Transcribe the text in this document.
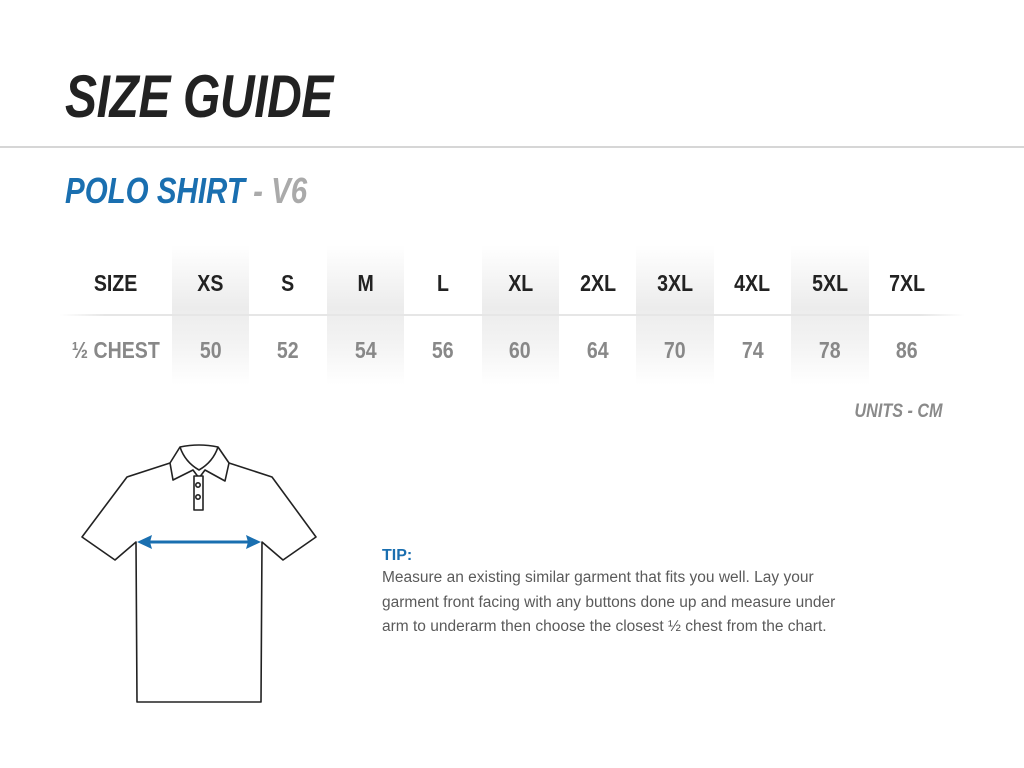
SIZE GUIDE
POLO SHIRT - V6
7XL
86
5XL
78
4XL
74
3XL
70
2XL
64
XL
60
L
56
M
54
S
52
XS
50
SIZE
½ CHEST
UNITS - CM
TIP:
Measure an existing similar garment that fits you well. Lay your
garment front facing with any buttons done up and measure under
arm to underarm then choose the closest ½ chest from the chart.
